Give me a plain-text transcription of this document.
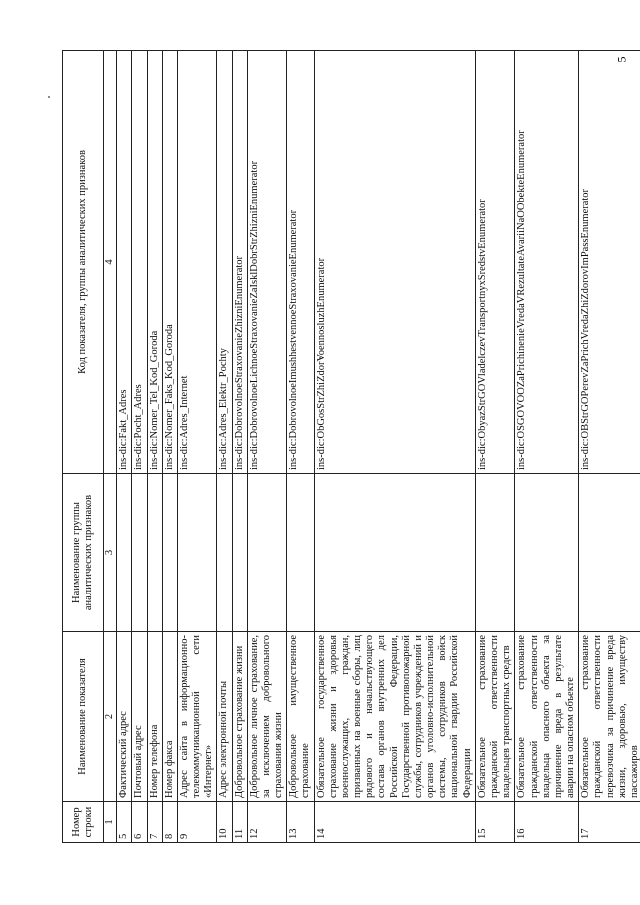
5
Номер строки	Наименование показателя	Наименование группы аналитических признаков	Код показателя, группы аналитических признаков
1	2	3	4
5	Фактический адрес		ins-dic:Fakt_Adres
6	Почтовый адрес		ins-dic:Pocht_Adres
7	Номер телефона		ins-dic:Nomer_Tel_Kod_Goroda
8	Номер факса		ins-dic:Nomer_Faks_Kod_Goroda
9	Адрес сайта в информационно-телекоммуникационной сети «Интернет»		ins-dic:Adres_Internet
10	Адрес электронной почты		ins-dic:Adres_Elektr_Pochty
11	Добровольное страхование жизни		ins-dic:DobrovolnoeStraxovanieZhizniEnumerator
12	Добровольное личное страхование, за исключением добровольного страхования жизни		ins-dic:DobrovolnoeLichnoeStraxovanieZaIsklDobrStrZhizniEnumerator
13	Добровольное имущественное страхование		ins-dic:DobrovolnoeImushhestvennoeStraxovanieEnumerator
14	Обязательное государственное страхование жизни и здоровья военнослужащих, граждан, призванных на военные сборы, лиц рядового и начальствующего состава органов внутренних дел Российской Федерации, Государственной противопожарной службы, сотрудников учреждений и органов уголовно-исполнительной системы, сотрудников войск национальной гвардии Российской Федерации		ins-dic:ObGosStrZhiZdorVoennosluzhEnumerator
15	Обязательное страхование гражданской ответственности владельцев транспортных средств		ins-dic:ObyazStrGOVladelczevTransportnyxSredstvEnumerator
16	Обязательное страхование гражданской ответственности владельца опасного объекта за причинение вреда в результате аварии на опасном объекте		ins-dic:OSGOVOOZaPrichinenieVredaVRezultateAvariiNaOObekteEnumerator
17	Обязательное страхование гражданской ответственности перевозчика за причинение вреда жизни, здоровью, имуществу пассажиров		ins-dic:OBStrGOPerevZaPrichVredaZhiZdorovImPassEnumerator
